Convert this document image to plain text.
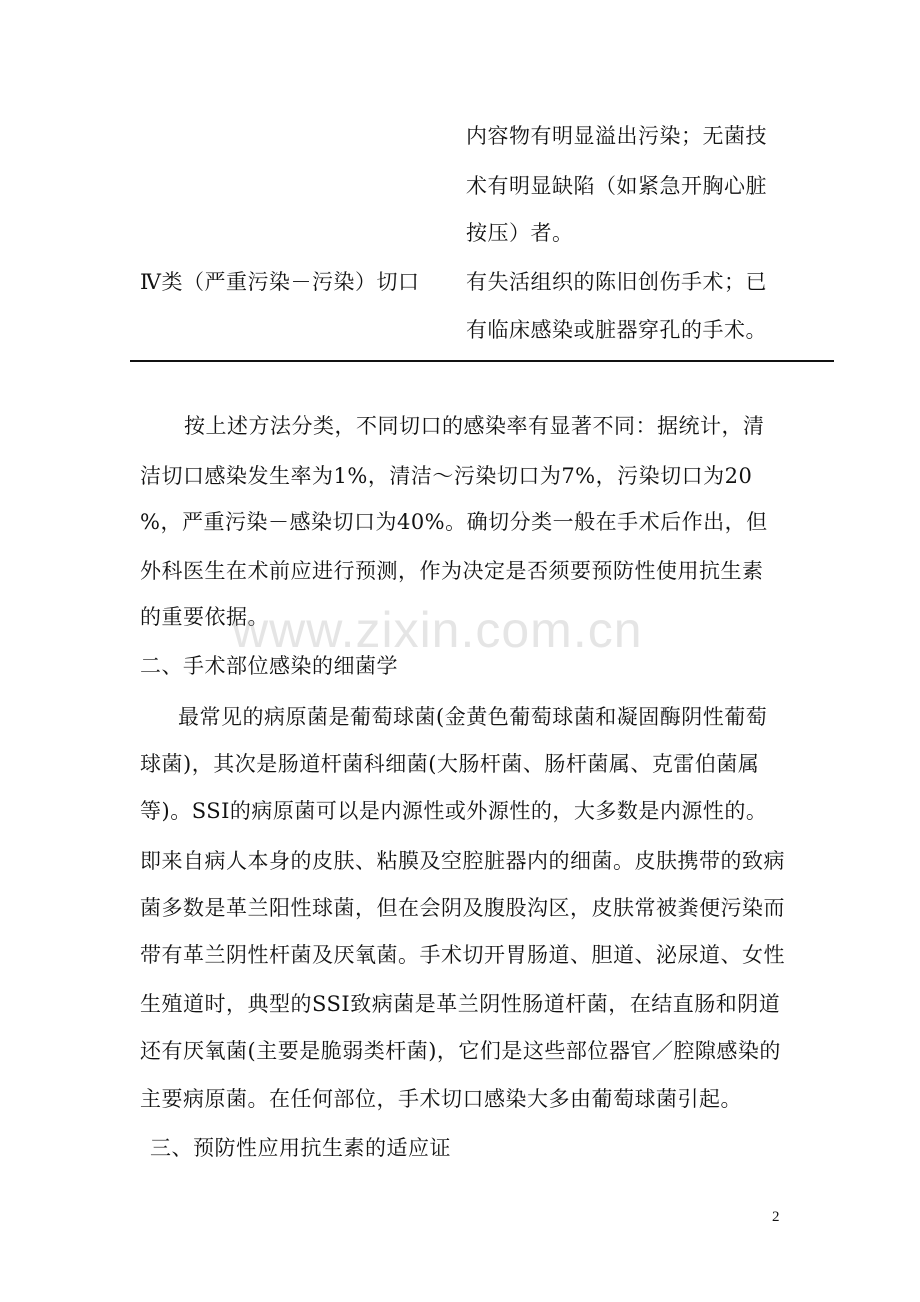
内容物有明显溢出污染；无菌技
术有明显缺陷（如紧急开胸心脏
按压）者。
Ⅳ类（严重污染－污染）切口 有失活组织的陈旧创伤手术；已
有临床感染或脏器穿孔的手术。
按上述方法分类，不同切口的感染率有显著不同：据统计，清
洁切口感染发生率为1%，清洁～污染切口为7%，污染切口为20
%，严重污染－感染切口为40%。确切分类一般在手术后作出，但
外科医生在术前应进行预测，作为决定是否须要预防性使用抗生素
的重要依据。
www.zixin.com.cn
二、手术部位感染的细菌学
最常见的病原菌是葡萄球菌(金黄色葡萄球菌和凝固酶阴性葡萄
球菌)，其次是肠道杆菌科细菌(大肠杆菌、肠杆菌属、克雷伯菌属
等)。SSI的病原菌可以是内源性或外源性的，大多数是内源性的。
即来自病人本身的皮肤、粘膜及空腔脏器内的细菌。皮肤携带的致病
菌多数是革兰阳性球菌，但在会阴及腹股沟区，皮肤常被粪便污染而
带有革兰阴性杆菌及厌氧菌。手术切开胃肠道、胆道、泌尿道、女性
生殖道时，典型的SSI致病菌是革兰阴性肠道杆菌，在结直肠和阴道
还有厌氧菌(主要是脆弱类杆菌)，它们是这些部位器官／腔隙感染的
主要病原菌。在任何部位，手术切口感染大多由葡萄球菌引起。
三、预防性应用抗生素的适应证
2
